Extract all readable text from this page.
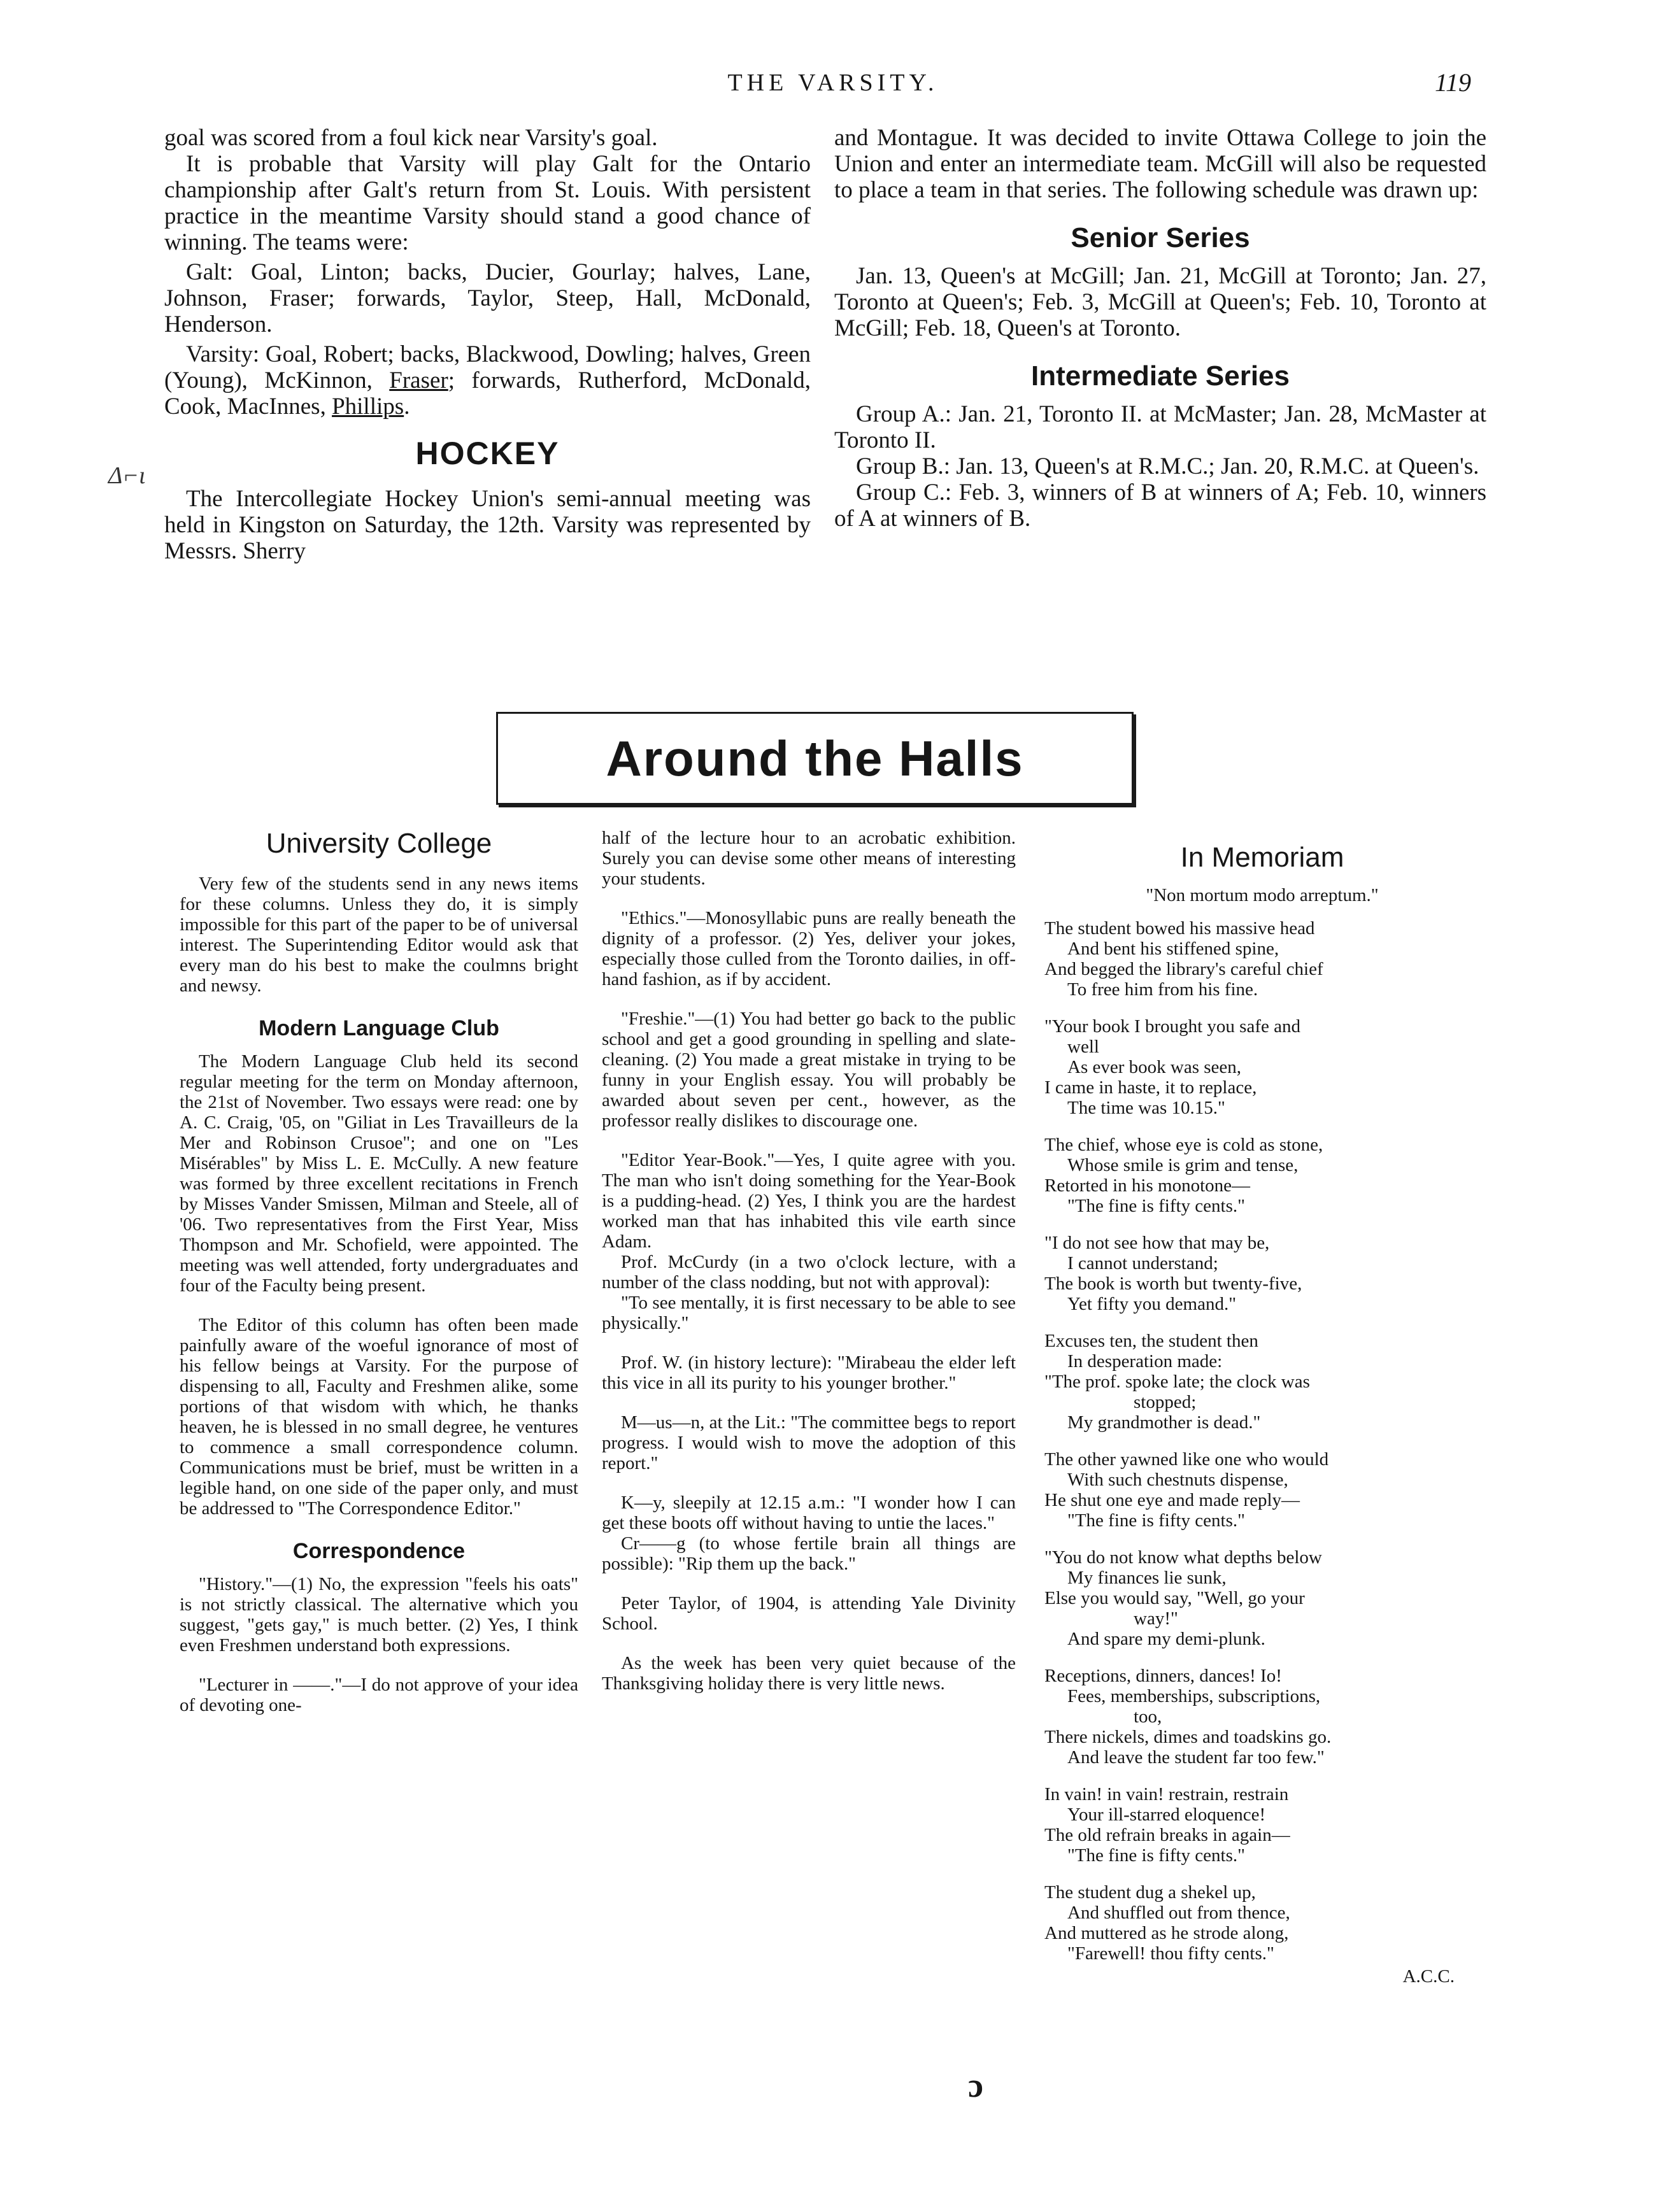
THE VARSITY.	119
Δ⌐ι

goal was scored from a foul kick near Varsity's goal.

It is probable that Varsity will play Galt for the Ontario championship after Galt's return from St. Louis. With persistent practice in the meantime Varsity should stand a good chance of winning. The teams were:

Galt: Goal, Linton; backs, Ducier, Gourlay; halves, Lane, Johnson, Fraser; forwards, Taylor, Steep, Hall, McDonald, Henderson.

Varsity: Goal, Robert; backs, Blackwood, Dowling; halves, Green (Young), McKinnon, Fraser; forwards, Rutherford, McDonald, Cook, MacInnes, Phillips.

HOCKEY

The Intercollegiate Hockey Union's semi-annual meeting was held in Kingston on Saturday, the 12th. Varsity was represented by Messrs. Sherry

and Montague. It was decided to invite Ottawa College to join the Union and enter an intermediate team. McGill will also be requested to place a team in that series. The following schedule was drawn up:

Senior Series

Jan. 13, Queen's at McGill; Jan. 21, McGill at Toronto; Jan. 27, Toronto at Queen's; Feb. 3, McGill at Queen's; Feb. 10, Toronto at McGill; Feb. 18, Queen's at Toronto.

Intermediate Series

Group A.: Jan. 21, Toronto II. at McMaster; Jan. 28, McMaster at Toronto II.

Group B.: Jan. 13, Queen's at R.M.C.; Jan. 20, R.M.C. at Queen's.

Group C.: Feb. 3, winners of B at winners of A; Feb. 10, winners of A at winners of B.

Around the Halls
University College

Very few of the students send in any news items for these columns. Unless they do, it is simply impossible for this part of the paper to be of universal interest. The Superintending Editor would ask that every man do his best to make the coulmns bright and newsy.

Modern Language Club

The Modern Language Club held its second regular meeting for the term on Monday afternoon, the 21st of November. Two essays were read: one by A. C. Craig, '05, on "Giliat in Les Travailleurs de la Mer and Robinson Crusoe"; and one on "Les Misérables" by Miss L. E. McCully. A new feature was formed by three excellent recitations in French by Misses Vander Smissen, Milman and Steele, all of '06. Two representatives from the First Year, Miss Thompson and Mr. Schofield, were appointed. The meeting was well attended, forty undergraduates and four of the Faculty being present.

The Editor of this column has often been made painfully aware of the woeful ignorance of most of his fellow beings at Varsity. For the purpose of dispensing to all, Faculty and Freshmen alike, some portions of that wisdom with which, he thanks heaven, he is blessed in no small degree, he ventures to commence a small correspondence column. Communications must be brief, must be written in a legible hand, on one side of the paper only, and must be addressed to "The Correspondence Editor."

Correspondence

"History."—(1) No, the expression "feels his oats" is not strictly classical. The alternative which you suggest, "gets gay," is much better. (2) Yes, I think even Freshmen understand both expressions.

"Lecturer in ——."—I do not approve of your idea of devoting one-

half of the lecture hour to an acrobatic exhibition. Surely you can devise some other means of interesting your students.

"Ethics."—Monosyllabic puns are really beneath the dignity of a professor. (2) Yes, deliver your jokes, especially those culled from the Toronto dailies, in off-hand fashion, as if by accident.

"Freshie."—(1) You had better go back to the public school and get a good grounding in spelling and slate-cleaning. (2) You made a great mistake in trying to be funny in your English essay. You will probably be awarded about seven per cent., however, as the professor really dislikes to discourage one.

"Editor Year-Book."—Yes, I quite agree with you. The man who isn't doing something for the Year-Book is a pudding-head. (2) Yes, I think you are the hardest worked man that has inhabited this vile earth since Adam.

Prof. McCurdy (in a two o'clock lecture, with a number of the class nodding, but not with approval):

"To see mentally, it is first necessary to be able to see physically."

Prof. W. (in history lecture): "Mirabeau the elder left this vice in all its purity to his younger brother."

M—us—n, at the Lit.: "The committee begs to report progress. I would wish to move the adoption of this report."

K—y, sleepily at 12.15 a.m.: "I wonder how I can get these boots off without having to untie the laces."

Cr——g (to whose fertile brain all things are possible): "Rip them up the back."

Peter Taylor, of 1904, is attending Yale Divinity School.

As the week has been very quiet because of the Thanksgiving holiday there is very little news.

In Memoriam

"Non mortum modo arreptum."

The student bowed his massive head

And bent his stiffened spine,

And begged the library's careful chief

To free him from his fine.

"Your book I brought you safe and

well

As ever book was seen,

I came in haste, it to replace,

The time was 10.15."

The chief, whose eye is cold as stone,

Whose smile is grim and tense,

Retorted in his monotone—

"The fine is fifty cents."

"I do not see how that may be,

I cannot understand;

The book is worth but twenty-five,

Yet fifty you demand."

Excuses ten, the student then

In desperation made:

"The prof. spoke late; the clock was

stopped;

My grandmother is dead."

The other yawned like one who would

With such chestnuts dispense,

He shut one eye and made reply—

"The fine is fifty cents."

"You do not know what depths below

My finances lie sunk,

Else you would say, "Well, go your

way!"

And spare my demi-plunk.

Receptions, dinners, dances! Io!

Fees, memberships, subscriptions,

too,

There nickels, dimes and toadskins go.

And leave the student far too few."

In vain! in vain! restrain, restrain

Your ill-starred eloquence!

The old refrain breaks in again—

"The fine is fifty cents."

The student dug a shekel up,

And shuffled out from thence,

And muttered as he strode along,

"Farewell! thou fifty cents."

A.C.C.

ɔ
